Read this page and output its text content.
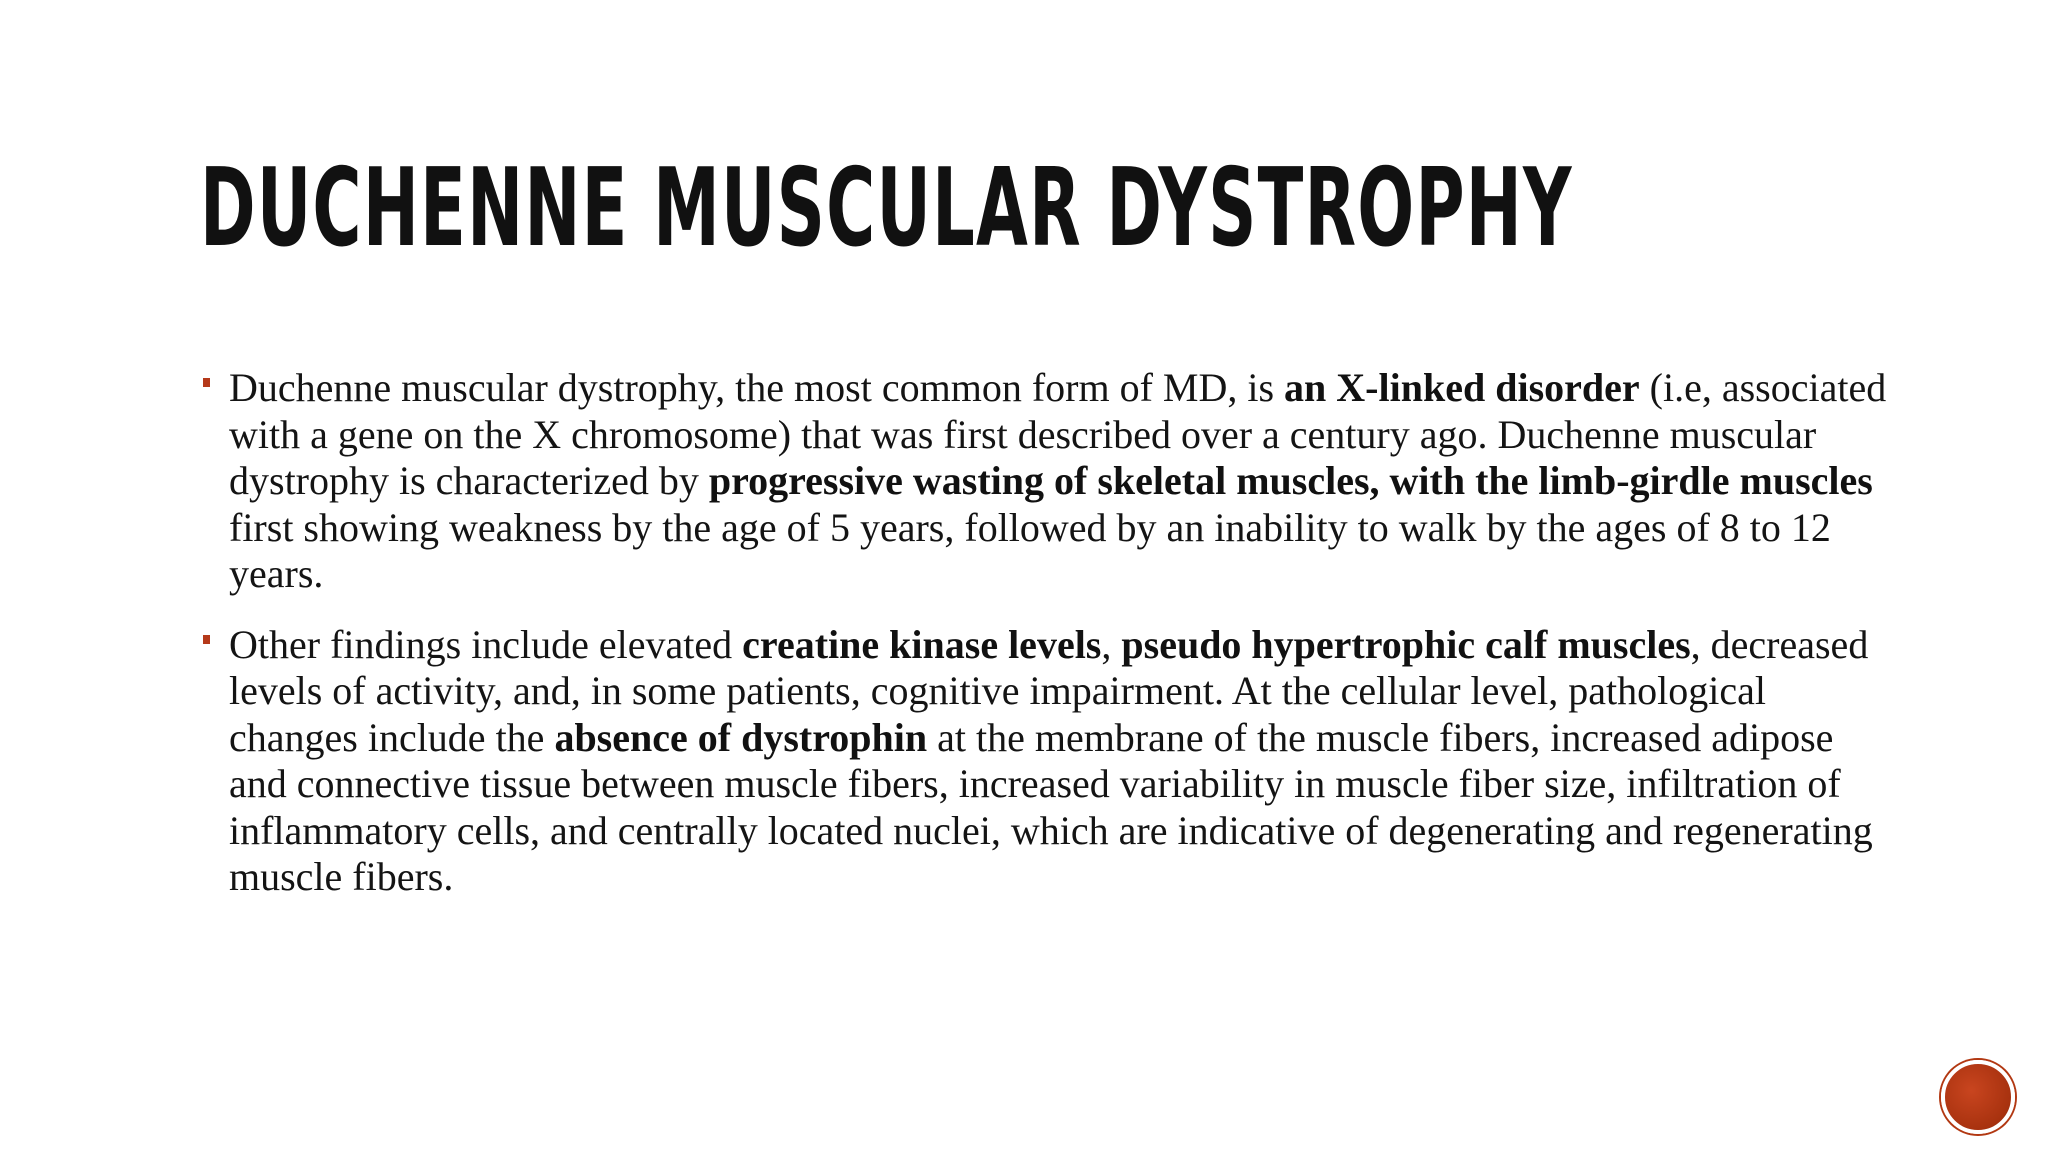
DUCHENNE MUSCULAR DYSTROPHY
Duchenne muscular dystrophy, the most common form of MD, is an X-linked disorder (i.e, associated with a gene on the X chromosome) that was first described over a century ago. Duchenne muscular dystrophy is characterized by progressive wasting of skeletal muscles, with the limb-girdle muscles first showing weakness by the age of 5 years, followed by an inability to walk by the ages of 8 to 12 years.
Other findings include elevated creatine kinase levels, pseudo hypertrophic calf muscles, decreased levels of activity, and, in some patients, cognitive impairment. At the cellular level, pathological changes include the absence of dystrophin at the membrane of the muscle fibers, increased adipose and connective tissue between muscle fibers, increased variability in muscle fiber size, infiltration of inflammatory cells, and centrally located nuclei, which are indicative of degenerating and regenerating muscle fibers.
